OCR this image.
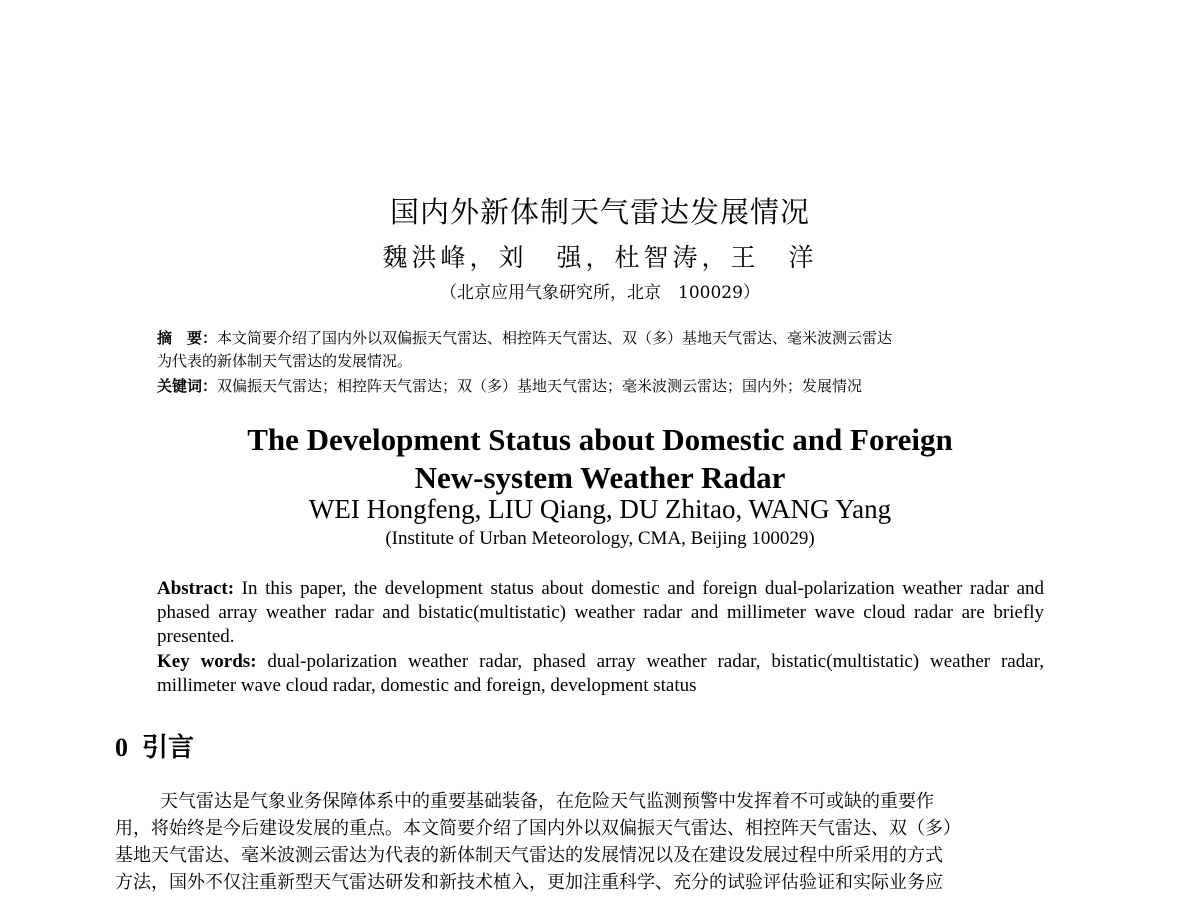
国内外新体制天气雷达发展情况
魏洪峰，刘　强，杜智涛，王　洋
（北京应用气象研究所，北京　100029）
摘　要：本文简要介绍了国内外以双偏振天气雷达、相控阵天气雷达、双（多）基地天气雷达、毫米波测云雷达
为代表的新体制天气雷达的发展情况。
关键词：双偏振天气雷达；相控阵天气雷达；双（多）基地天气雷达；毫米波测云雷达；国内外；发展情况
The Development Status about Domestic and Foreign
New-system Weather Radar
WEI Hongfeng, LIU Qiang, DU Zhitao, WANG Yang
(Institute of Urban Meteorology, CMA, Beijing 100029)
Abstract: In this paper, the development status about domestic and foreign dual-polarization weather radar and phased array weather radar and bistatic(multistatic) weather radar and millimeter wave cloud radar are briefly presented.
Key words: dual-polarization weather radar, phased array weather radar, bistatic(multistatic) weather radar, millimeter wave cloud radar, domestic and foreign, development status
0 引言
天气雷达是气象业务保障体系中的重要基础装备，在危险天气监测预警中发挥着不可或缺的重要作
用，将始终是今后建设发展的重点。本文简要介绍了国内外以双偏振天气雷达、相控阵天气雷达、双（多）
基地天气雷达、毫米波测云雷达为代表的新体制天气雷达的发展情况以及在建设发展过程中所采用的方式
方法，国外不仅注重新型天气雷达研发和新技术植入，更加注重科学、充分的试验评估验证和实际业务应
